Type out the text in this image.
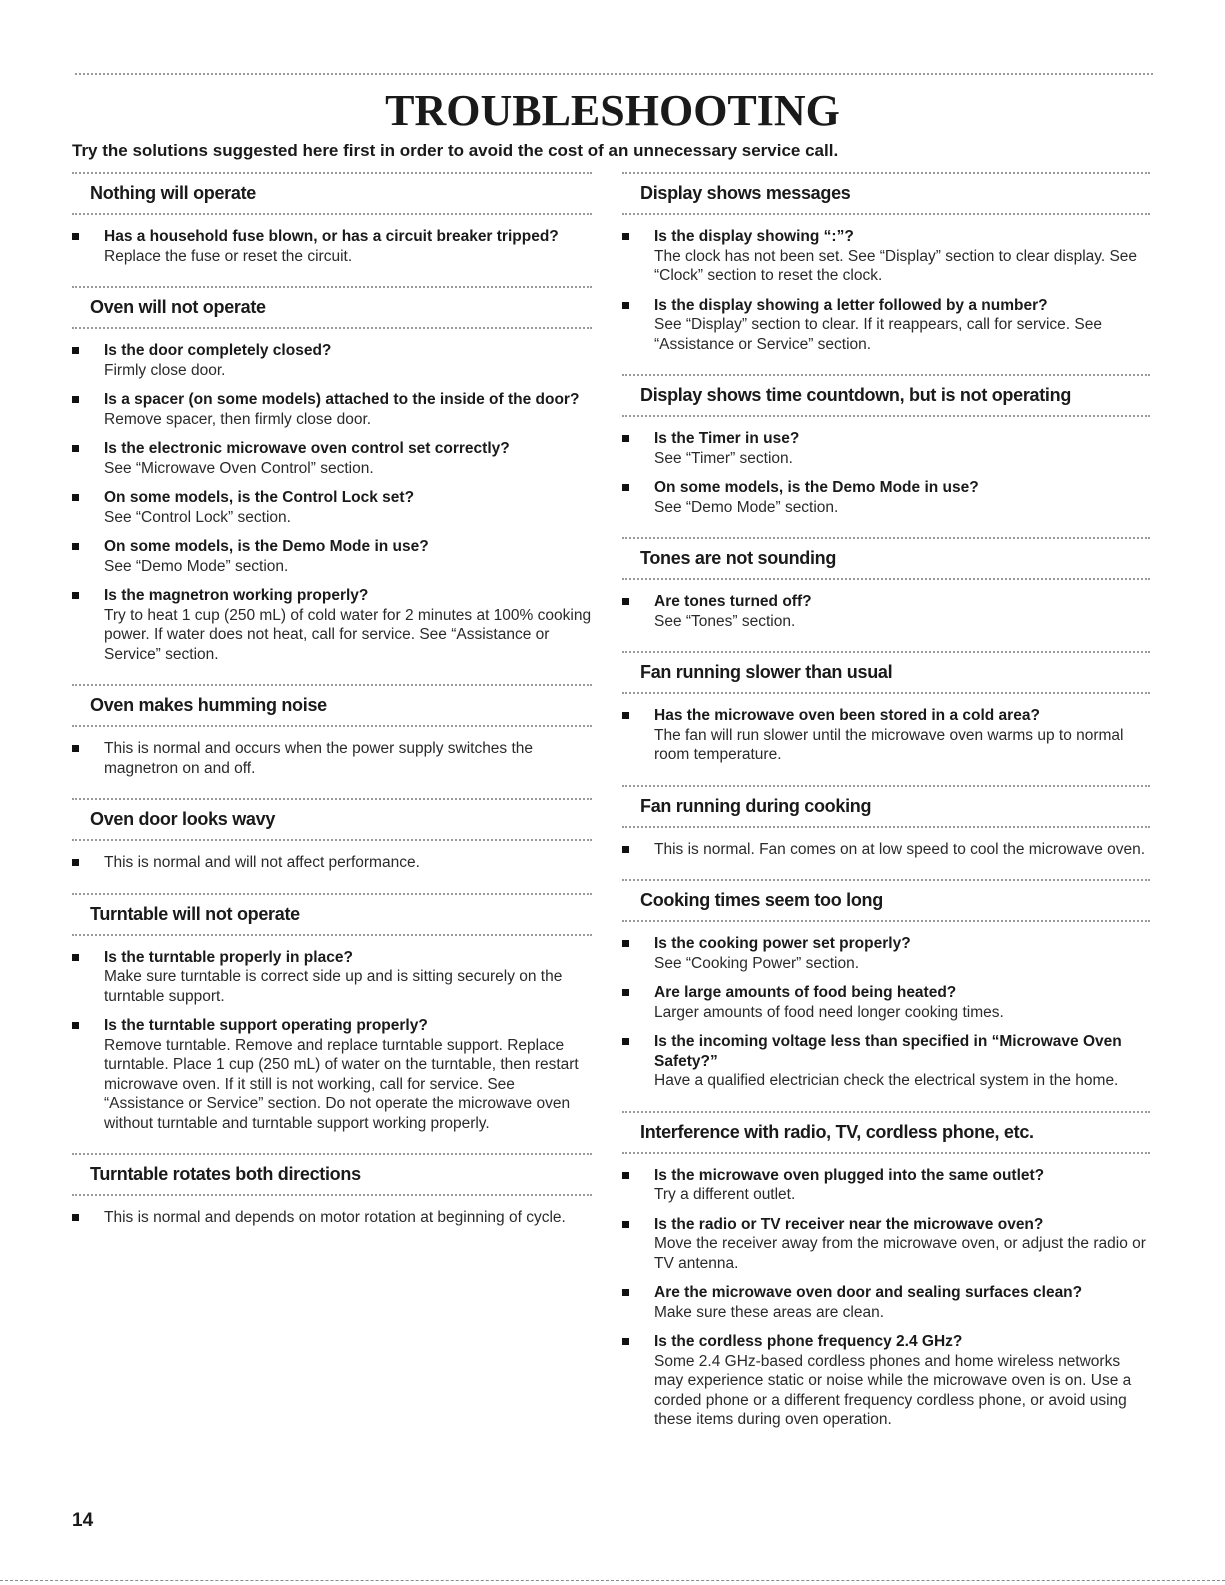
TROUBLESHOOTING

Try the solutions suggested here first in order to avoid the cost of an unnecessary service call.

Nothing will operate
Has a household fuse blown, or has a circuit breaker tripped?
Replace the fuse or reset the circuit.
Oven will not operate
Is the door completely closed?
Firmly close door.
Is a spacer (on some models) attached to the inside of the door?
Remove spacer, then firmly close door.
Is the electronic microwave oven control set correctly?
See “Microwave Oven Control” section.
On some models, is the Control Lock set?
See “Control Lock” section.
On some models, is the Demo Mode in use?
See “Demo Mode” section.
Is the magnetron working properly?
Try to heat 1 cup (250 mL) of cold water for 2 minutes at 100% cooking power. If water does not heat, call for service. See “Assistance or Service” section.
Oven makes humming noise
This is normal and occurs when the power supply switches the magnetron on and off.
Oven door looks wavy
This is normal and will not affect performance.
Turntable will not operate
Is the turntable properly in place?
Make sure turntable is correct side up and is sitting securely on the turntable support.
Is the turntable support operating properly?
Remove turntable. Remove and replace turntable support. Replace turntable. Place 1 cup (250 mL) of water on the turntable, then restart microwave oven. If it still is not working, call for service. See “Assistance or Service” section. Do not operate the microwave oven without turntable and turntable support working properly.
Turntable rotates both directions
This is normal and depends on motor rotation at beginning of cycle.
Display shows messages
Is the display showing “:”?
The clock has not been set. See “Display” section to clear display. See “Clock” section to reset the clock.
Is the display showing a letter followed by a number?
See “Display” section to clear. If it reappears, call for service. See “Assistance or Service” section.
Display shows time countdown, but is not operating
Is the Timer in use?
See “Timer” section.
On some models, is the Demo Mode in use?
See “Demo Mode” section.
Tones are not sounding
Are tones turned off?
See “Tones” section.
Fan running slower than usual
Has the microwave oven been stored in a cold area?
The fan will run slower until the microwave oven warms up to normal room temperature.
Fan running during cooking
This is normal. Fan comes on at low speed to cool the microwave oven.
Cooking times seem too long
Is the cooking power set properly?
See “Cooking Power” section.
Are large amounts of food being heated?
Larger amounts of food need longer cooking times.
Is the incoming voltage less than specified in “Microwave Oven Safety?”
Have a qualified electrician check the electrical system in the home.
Interference with radio, TV, cordless phone, etc.
Is the microwave oven plugged into the same outlet?
Try a different outlet.
Is the radio or TV receiver near the microwave oven?
Move the receiver away from the microwave oven, or adjust the radio or TV antenna.
Are the microwave oven door and sealing surfaces clean?
Make sure these areas are clean.
Is the cordless phone frequency 2.4 GHz?
Some 2.4 GHz-based cordless phones and home wireless networks may experience static or noise while the microwave oven is on. Use a corded phone or a different frequency cordless phone, or avoid using these items during oven operation.
14
